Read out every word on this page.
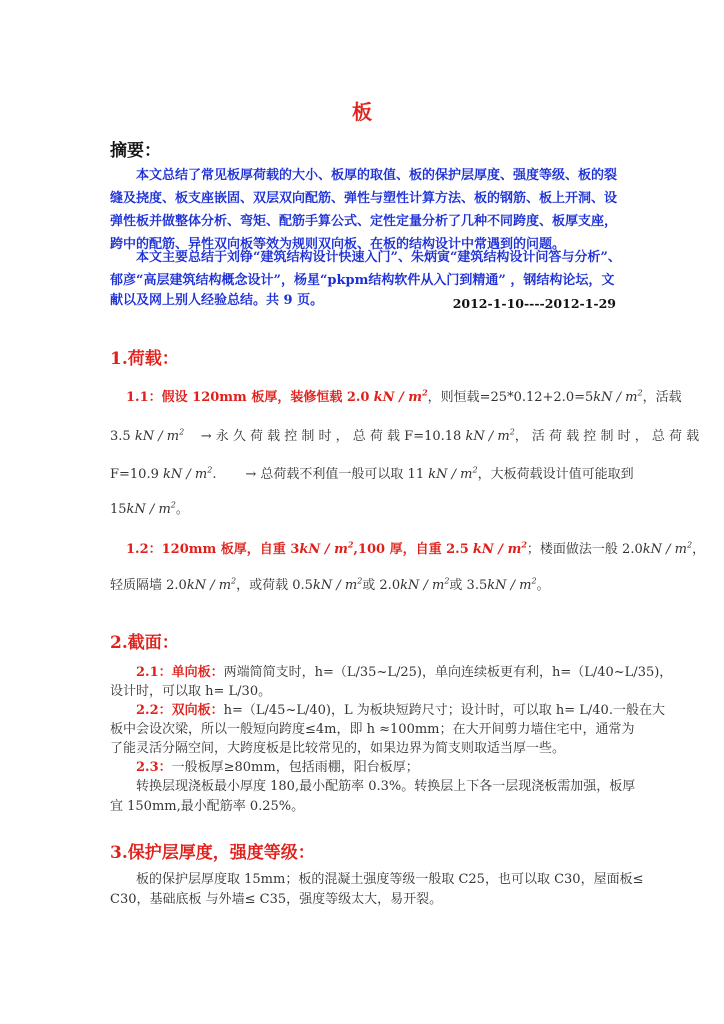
板
摘要：
本文总结了常见板厚荷载的大小、板厚的取值、板的保护层厚度、强度等级、板的裂
缝及挠度、板支座嵌固、双层双向配筋、弹性与塑性计算方法、板的钢筋、板上开洞、设
弹性板并做整体分析、弯矩、配筋手算公式、定性定量分析了几种不同跨度、板厚支座，
跨中的配筋、异性双向板等效为规则双向板、在板的结构设计中常遇到的问题。
本文主要总结于刘铮“建筑结构设计快速入门”、朱炳寅“建筑结构设计问答与分析”、
郁彦“高层建筑结构概念设计”，杨星“pkpm结构软件从入门到精通” ，钢结构论坛，文
献以及网上别人经验总结。共 9 页。	2012-1-10----2012-1-29
1.荷载：
1.1：假设 120mm 板厚，装修恒载 2.0 kN / $m^2$，则恒载$=25*0.12+2.0=5kN / m^2$，活载
3.5 kN / $m^2$ → 永 久 荷 载 控 制 时 ， 总 荷 载 F=10.18 kN / $m^2$， 活 荷 载 控 制 时 ， 总 荷 载
F=10.9 kN / $m^2$.       → 总荷载不利值一般可以取 11 kN / $m^2$，大板荷载设计值可能取到
$15kN / m^2$。
1.2：120mm 板厚，自重 $3kN / m^2,100$ 厚，自重 2.5 kN / $m^2$；楼面做法一般 $2.0kN / m^2$，
轻质隔墙 $2.0kN / m^2$，或荷载 $0.5kN / m^2$或 $2.0kN / m^2$或 $3.5kN / m^2$。
2.截面：
2.1：单向板：两端简简支时，h=（L/35~L/25)，单向连续板更有利，h=（L/40~L/35)，
设计时，可以取 h= L/30。
2.2：双向板：h=（L/45~L/40)，L 为板块短跨尺寸；设计时，可以取 h= L/40.一般在大
板中会设次梁，所以一般短向跨度≤4m，即 h ≈100mm；在大开间剪力墙住宅中，通常为
了能灵活分隔空间，大跨度板是比较常见的，如果边界为简支则取适当厚一些。
2.3：一般板厚≥80mm，包括雨棚，阳台板厚；
转换层现浇板最小厚度 180,最小配筋率 0.3%。转换层上下各一层现浇板需加强，板厚
宜 150mm,最小配筋率 0.25%。
3.保护层厚度，强度等级：
板的保护层厚度取 15mm；板的混凝土强度等级一般取 C25，也可以取 C30，屋面板≤
C30，基础底板 与外墙≤ C35，强度等级太大，易开裂。
